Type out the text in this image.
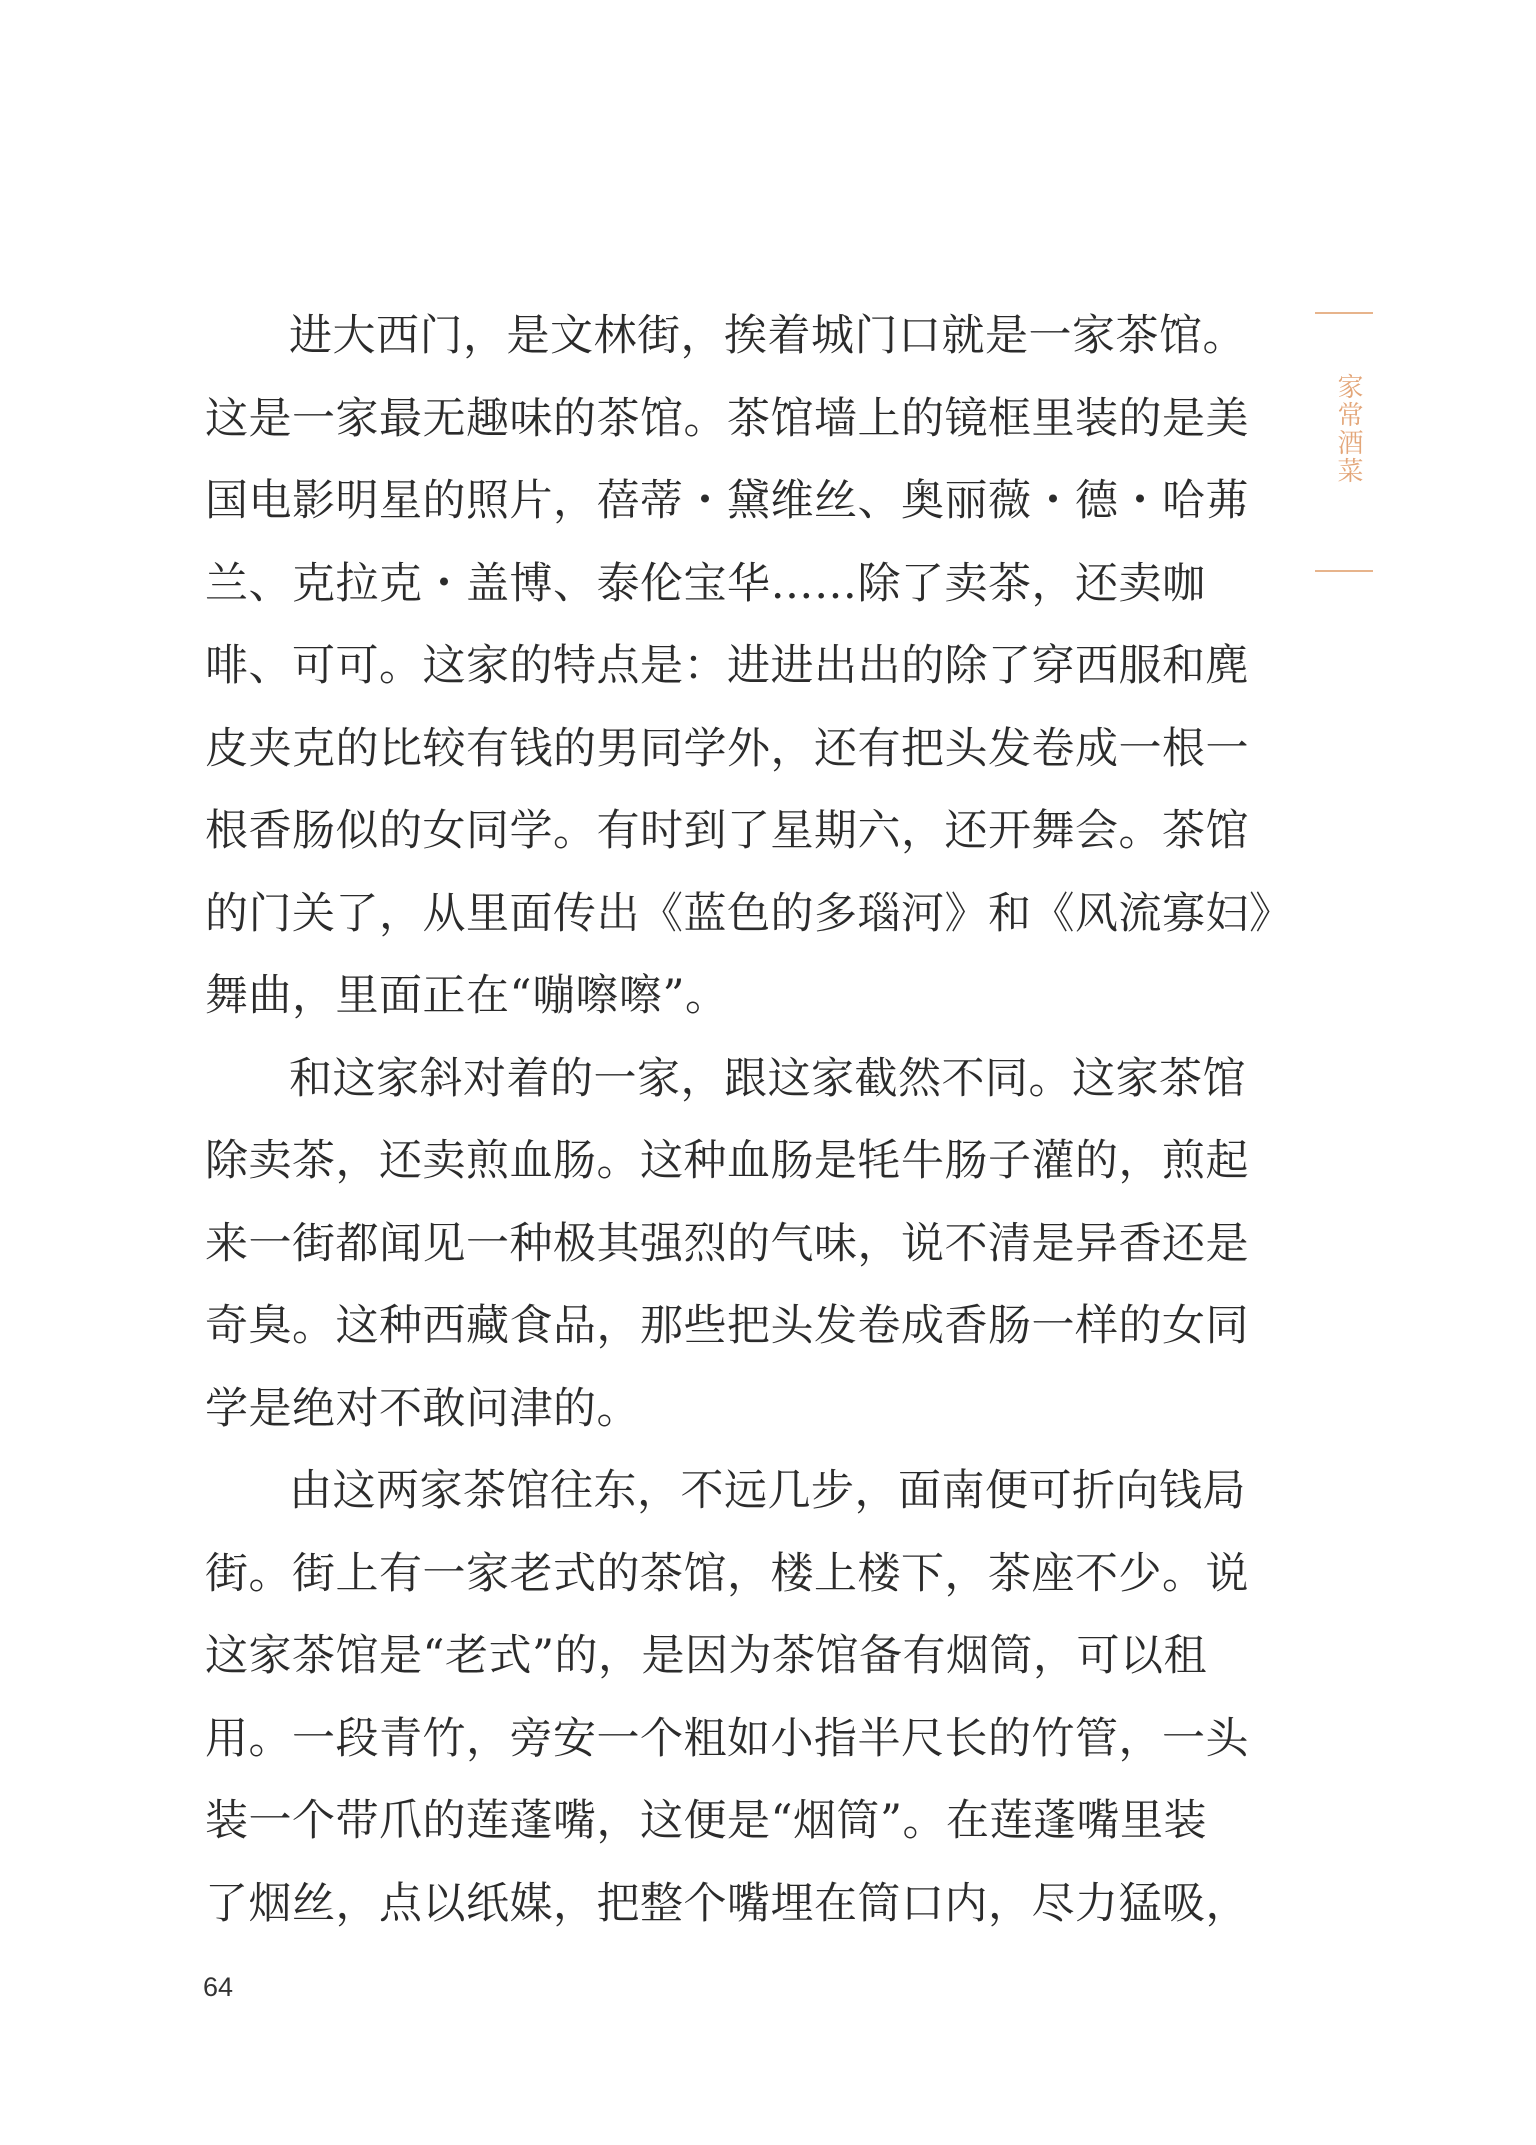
家常酒菜
进大西门，是文林街，挨着城门口就是一家茶馆。
这是一家最无趣味的茶馆。茶馆墙上的镜框里装的是美
国电影明星的照片，蓓蒂・黛维丝、奥丽薇・德・哈茀
兰、克拉克・盖博、泰伦宝华……除了卖茶，还卖咖
啡、可可。这家的特点是：进进出出的除了穿西服和麂
皮夹克的比较有钱的男同学外，还有把头发卷成一根一
根香肠似的女同学。有时到了星期六，还开舞会。茶馆
的门关了，从里面传出《蓝色的多瑙河》和《风流寡妇》
舞曲，里面正在“嘣嚓嚓”。
和这家斜对着的一家，跟这家截然不同。这家茶馆
除卖茶，还卖煎血肠。这种血肠是牦牛肠子灌的，煎起
来一街都闻见一种极其强烈的气味，说不清是异香还是
奇臭。这种西藏食品，那些把头发卷成香肠一样的女同
学是绝对不敢问津的。
由这两家茶馆往东，不远几步，面南便可折向钱局
街。街上有一家老式的茶馆，楼上楼下，茶座不少。说
这家茶馆是“老式”的，是因为茶馆备有烟筒，可以租
用。一段青竹，旁安一个粗如小指半尺长的竹管，一头
装一个带爪的莲蓬嘴，这便是“烟筒”。在莲蓬嘴里装
了烟丝，点以纸媒，把整个嘴埋在筒口内，尽力猛吸，
64
